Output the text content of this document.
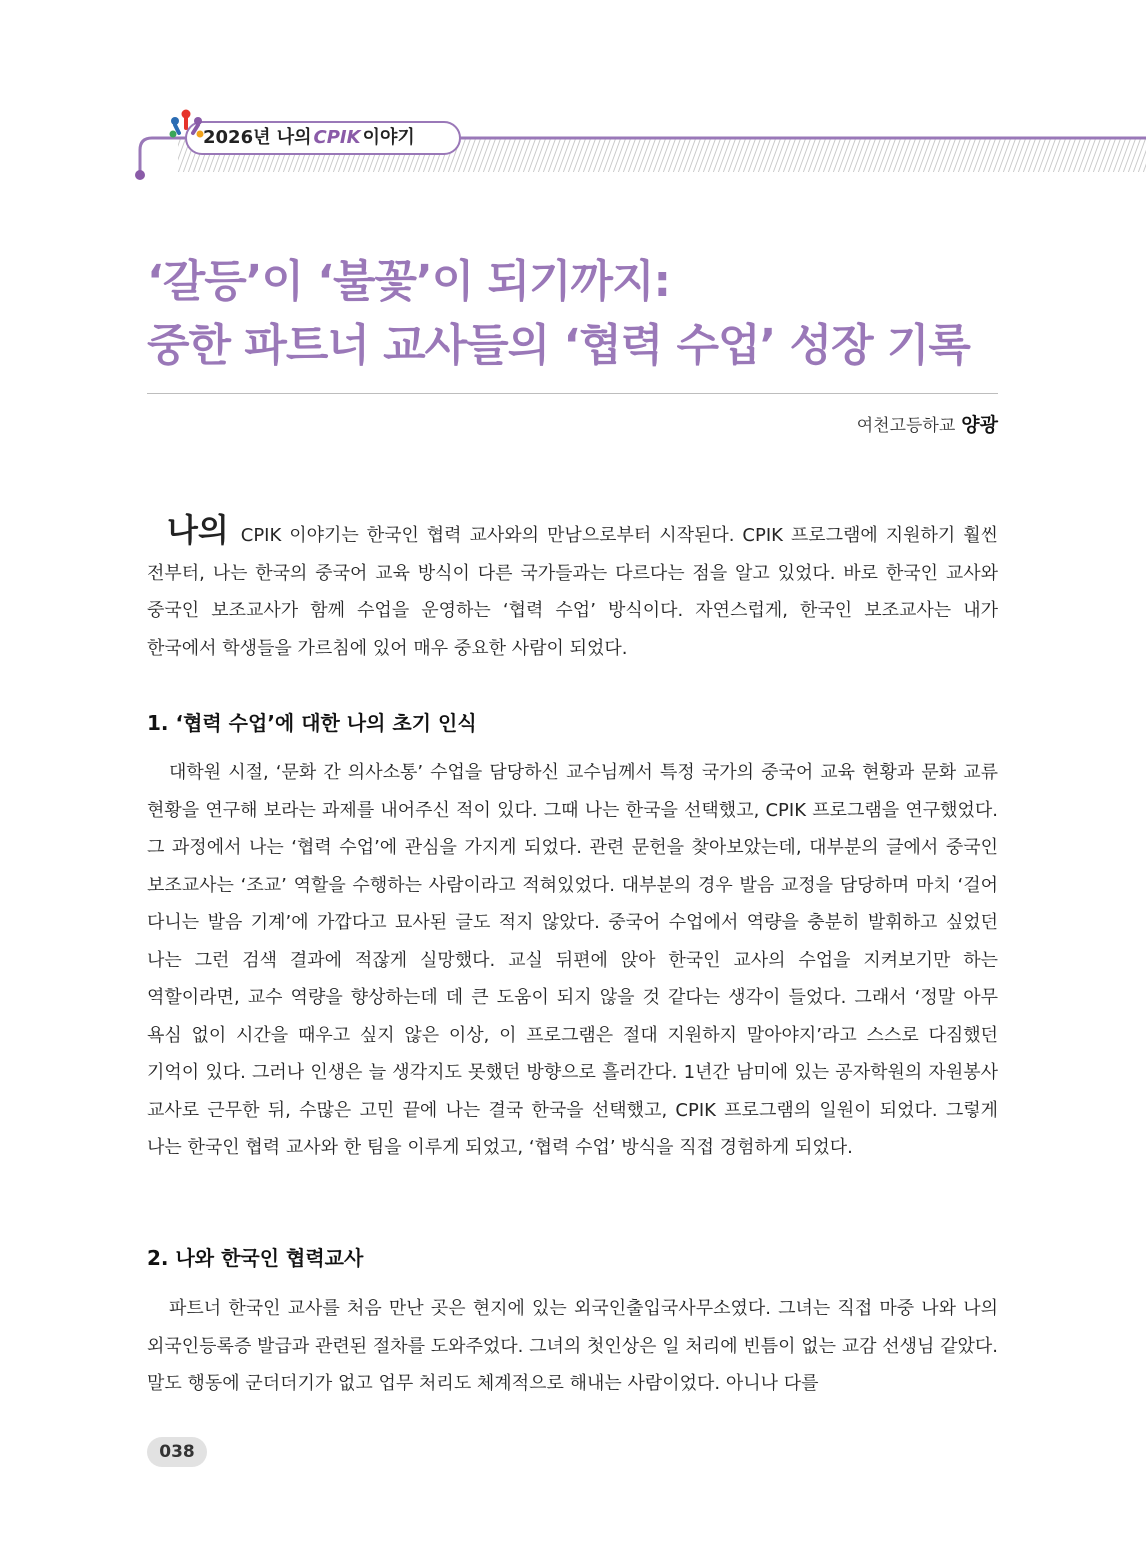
2026년 나의 CPIK 이야기
‘갈등’이 ‘불꽃’이 되기까지:
중한 파트너 교사들의 ‘협력 수업’ 성장 기록
여천고등하교 양광

나의 CPIK 이야기는 한국인 협력 교사와의 만남으로부터 시작된다. CPIK 프로그램에 지원하기 훨씬 전부터, 나는 한국의 중국어 교육 방식이 다른 국가들과는 다르다는 점을 알고 있었다. 바로 한국인 교사와 중국인 보조교사가 함께 수업을 운영하는 ‘협력 수업’ 방식이다. 자연스럽게, 한국인 보조교사는 내가 한국에서 학생들을 가르침에 있어 매우 중요한 사람이 되었다.

1. ‘협력 수업’에 대한 나의 초기 인식

대학원 시절, ‘문화 간 의사소통’ 수업을 담당하신 교수님께서 특정 국가의 중국어 교육 현황과 문화 교류 현황을 연구해 보라는 과제를 내어주신 적이 있다. 그때 나는 한국을 선택했고, CPIK 프로그램을 연구했었다. 그 과정에서 나는 ‘협력 수업’에 관심을 가지게 되었다. 관련 문헌을 찾아보았는데, 대부분의 글에서 중국인 보조교사는 ‘조교’ 역할을 수행하는 사람이라고 적혀있었다. 대부분의 경우 발음 교정을 담당하며 마치 ‘걸어 다니는 발음 기계’에 가깝다고 묘사된 글도 적지 않았다. 중국어 수업에서 역량을 충분히 발휘하고 싶었던 나는 그런 검색 결과에 적잖게 실망했다. 교실 뒤편에 앉아 한국인 교사의 수업을 지켜보기만 하는 역할이라면, 교수 역량을 향상하는데 데 큰 도움이 되지 않을 것 같다는 생각이 들었다. 그래서 ‘정말 아무 욕심 없이 시간을 때우고 싶지 않은 이상, 이 프로그램은 절대 지원하지 말아야지’라고 스스로 다짐했던 기억이 있다. 그러나 인생은 늘 생각지도 못했던 방향으로 흘러간다. 1년간 남미에 있는 공자학원의 자원봉사 교사로 근무한 뒤, 수많은 고민 끝에 나는 결국 한국을 선택했고, CPIK 프로그램의 일원이 되었다. 그렇게 나는 한국인 협력 교사와 한 팀을 이루게 되었고, ‘협력 수업’ 방식을 직접 경험하게 되었다.

2. 나와 한국인 협력교사

파트너 한국인 교사를 처음 만난 곳은 현지에 있는 외국인출입국사무소였다. 그녀는 직접 마중 나와 나의 외국인등록증 발급과 관련된 절차를 도와주었다. 그녀의 첫인상은 일 처리에 빈틈이 없는 교감 선생님 같았다. 말도 행동에 군더더기가 없고 업무 처리도 체계적으로 해내는 사람이었다. 아니나 다를

038
